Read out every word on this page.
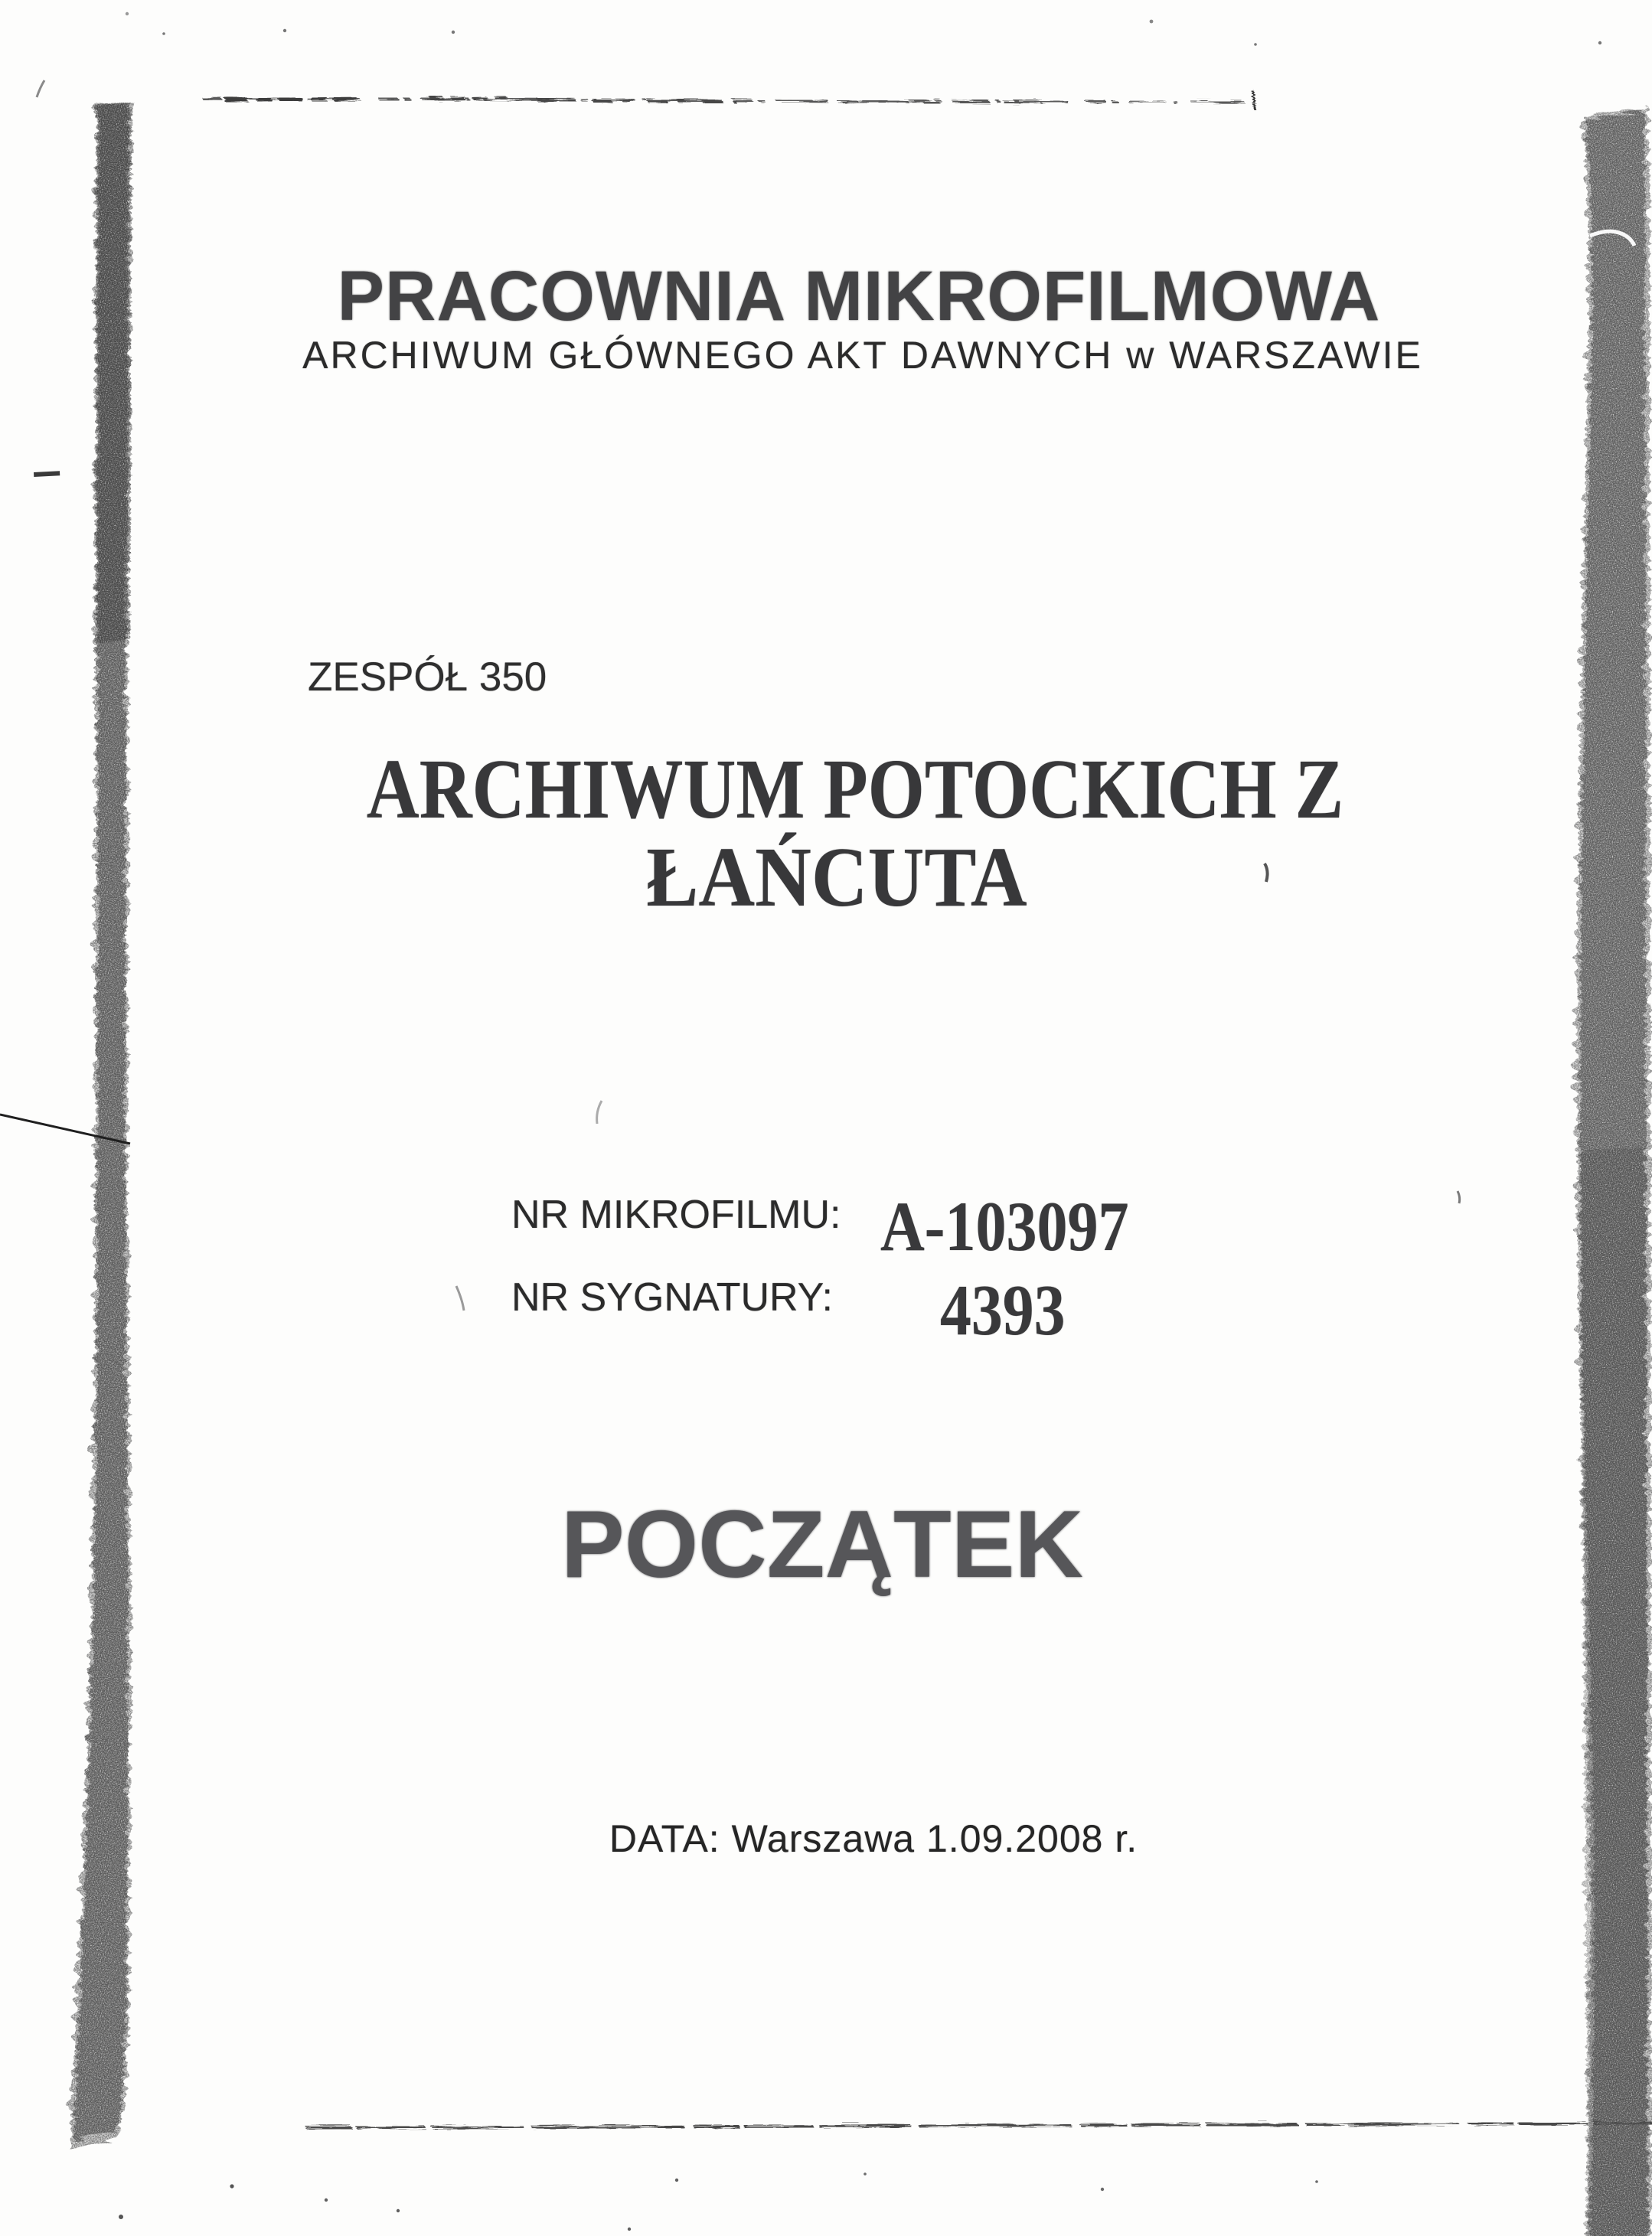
PRACOWNIA MIKROFILMOWA
ARCHIWUM GŁÓWNEGO AKT DAWNYCH w WARSZAWIE
ZESPÓŁ 350
ARCHIWUM POTOCKICH Z
ŁAŃCUTA
NR MIKROFILMU: A-103097
NR SYGNATURY: 4393
POCZĄTEK
DATA: Warszawa 1.09.2008 r.
